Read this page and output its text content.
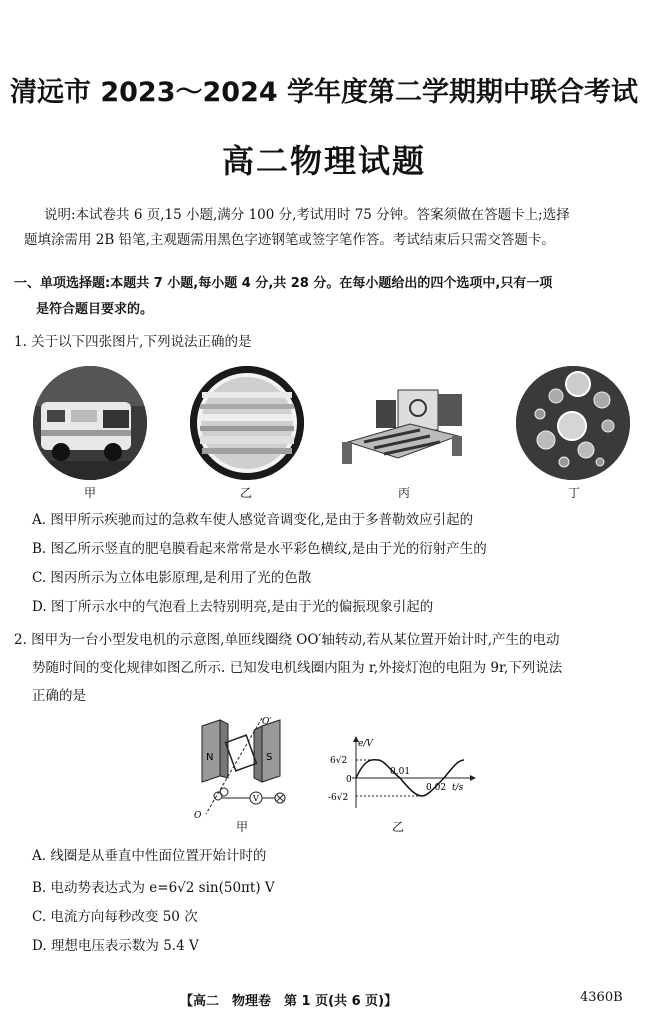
清远市 2023～2024 学年度第二学期期中联合考试
高二物理试题
说明:本试卷共 6 页,15 小题,满分 100 分,考试用时 75 分钟。答案须做在答题卡上;选择
题填涂需用 2B 铅笔,主观题需用黑色字迹钢笔或签字笔作答。考试结束后只需交答题卡。
一、单项选择题:本题共 7 小题,每小题 4 分,共 28 分。在每小题给出的四个选项中,只有一项
是符合题目要求的。
1. 关于以下四张图片,下列说法正确的是
甲	乙	丙	丁
A. 图甲所示疾驰而过的急救车使人感觉音调变化,是由于多普勒效应引起的
B. 图乙所示竖直的肥皂膜看起来常常是水平彩色横纹,是由于光的衍射产生的
C. 图丙所示为立体电影原理,是利用了光的色散
D. 图丁所示水中的气泡看上去特别明亮,是由于光的偏振现象引起的
2. 图甲为一台小型发电机的示意图,单匝线圈绕 OO′轴转动,若从某位置开始计时,产生的电动
势随时间的变化规律如图乙所示. 已知发电机线圈内阻为 r,外接灯泡的电阻为 9r,下列说法
正确的是
N	S
O′
O
V
甲
e/V
t/s
6√2
-6√2
0
0.01
0.02
乙
A. 线圈是从垂直中性面位置开始计时的
B. 电动势表达式为 e=6√2 sin(50πt) V
C. 电流方向每秒改变 50 次
D. 理想电压表示数为 5.4 V
【高二　物理卷　第 1 页(共 6 页)】	4360B
